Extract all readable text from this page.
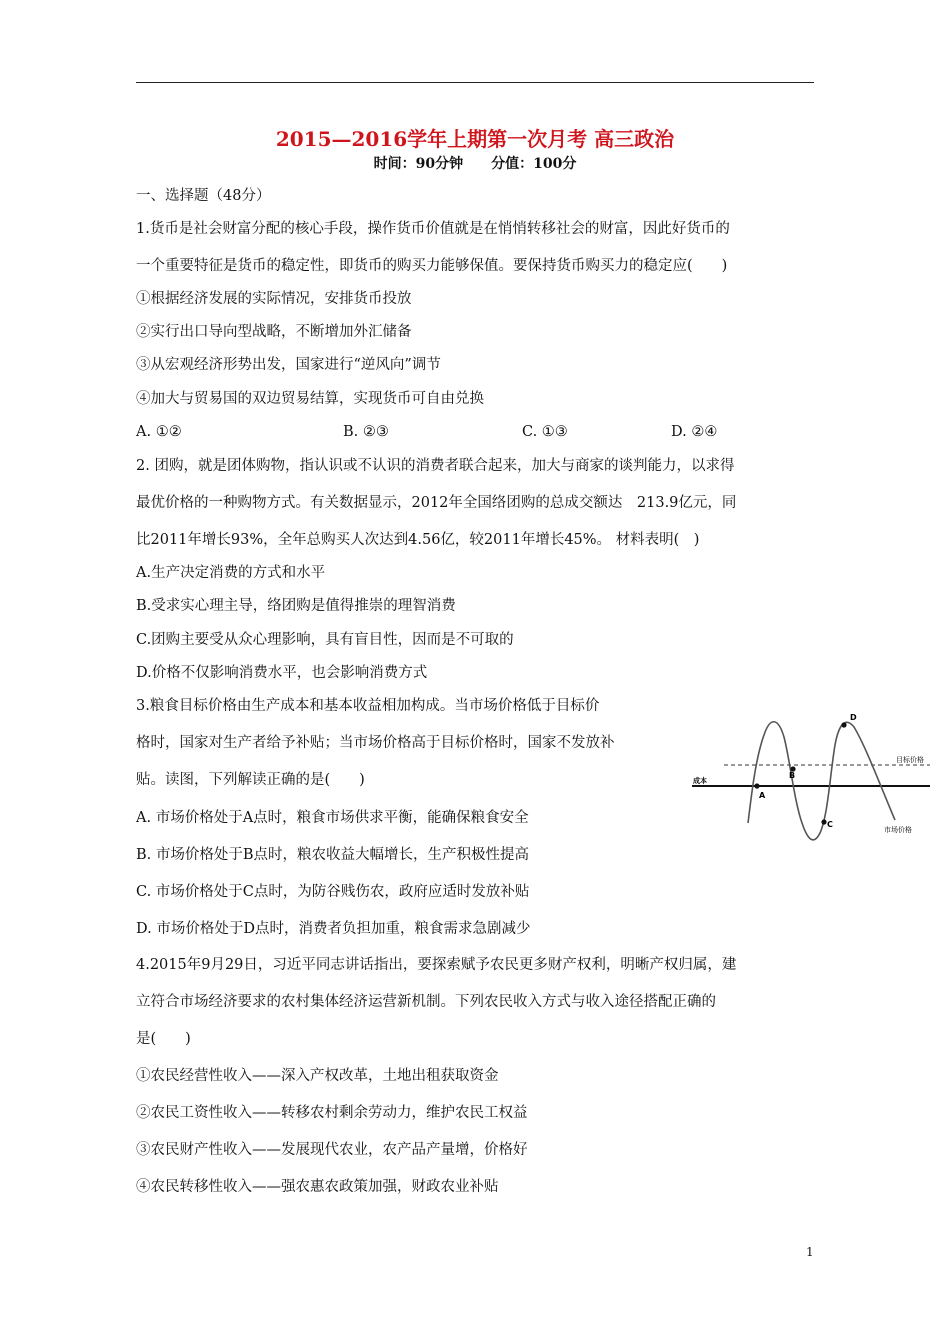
2015—2016学年上期第一次月考 高三政治
时间：90分钟 分值：100分
一、选择题（48分）
1.货币是社会财富分配的核心手段，操作货币价值就是在悄悄转移社会的财富，因此好货币的
一个重要特征是货币的稳定性，即货币的购买力能够保值。要保持货币购买力的稳定应(　　)
①根据经济发展的实际情况，安排货币投放
②实行出口导向型战略，不断增加外汇储备
③从宏观经济形势出发，国家进行“逆风向”调节
④加大与贸易国的双边贸易结算，实现货币可自由兑换
A. ①②	B. ②③	C. ①③	D. ②④
2. 团购，就是团体购物，指认识或不认识的消费者联合起来，加大与商家的谈判能力，以求得
最优价格的一种购物方式。有关数据显示，2012年全国络团购的总成交额达　213.9亿元，同
比2011年增长93%，全年总购买人次达到4.56亿，较2011年增长45%。 材料表明(　)
A.生产决定消费的方式和水平
B.受求实心理主导，络团购是值得推崇的理智消费
C.团购主要受从众心理影响，具有盲目性，因而是不可取的
D.价格不仅影响消费水平，也会影响消费方式
3.粮食目标价格由生产成本和基本收益相加构成。当市场价格低于目标价
格时，国家对生产者给予补贴；当市场价格高于目标价格时，国家不发放补
贴。读图，下列解读正确的是(　　)
A. 市场价格处于A点时，粮食市场供求平衡，能确保粮食安全
B. 市场价格处于B点时，粮农收益大幅增长，生产积极性提高
C. 市场价格处于C点时，为防谷贱伤农，政府应适时发放补贴
D. 市场价格处于D点时，消费者负担加重，粮食需求急剧减少
A
B
C
D
目标价格
成本
市场价格
4.2015年9月29日，习近平同志讲话指出，要探索赋予农民更多财产权利，明晰产权归属，建
立符合市场经济要求的农村集体经济运营新机制。下列农民收入方式与收入途径搭配正确的
是(　　)
①农民经营性收入——深入产权改革，土地出租获取资金
②农民工资性收入——转移农村剩余劳动力，维护农民工权益
③农民财产性收入——发展现代农业，农产品产量增，价格好
④农民转移性收入——强农惠农政策加强，财政农业补贴
1
